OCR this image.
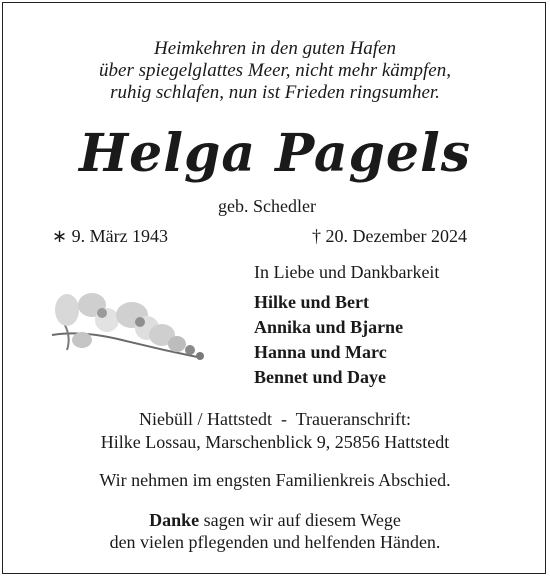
Heimkehren in den guten Hafen
über spiegelglattes Meer, nicht mehr kämpfen,
ruhig schlafen, nun ist Frieden ringsumher.
Helga Pagels
geb. Schedler
∗ 9. März 1943	† 20. Dezember 2024
In Liebe und Dankbarkeit
Hilke und Bert
Annika und Bjarne
Hanna und Marc
Bennet und Daye
Niebüll / Hattstedt  -  Traueranschrift:
Hilke Lossau, Marschenblick 9, 25856 Hattstedt
Wir nehmen im engsten Familienkreis Abschied.
Danke sagen wir auf diesem Wege
den vielen pflegenden und helfenden Händen.
